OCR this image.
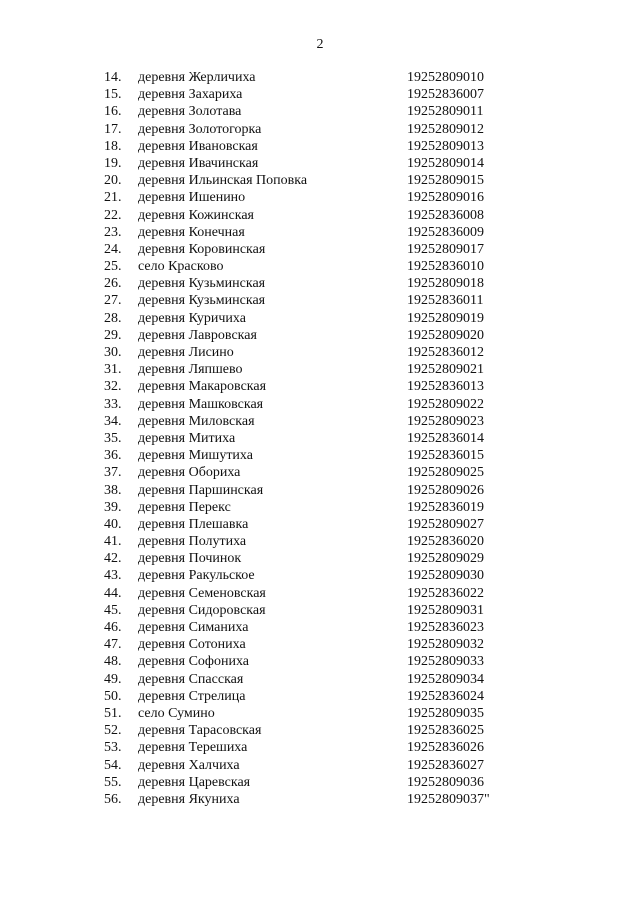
2
14.	деревня Жерличиха	19252809010
15.	деревня Захариха	19252836007
16.	деревня Золотава	19252809011
17.	деревня Золотогорка	19252809012
18.	деревня Ивановская	19252809013
19.	деревня Ивачинская	19252809014
20.	деревня Ильинская Поповка	19252809015
21.	деревня Ишенино	19252809016
22.	деревня Кожинская	19252836008
23.	деревня Конечная	19252836009
24.	деревня Коровинская	19252809017
25.	село Красково	19252836010
26.	деревня Кузьминская	19252809018
27.	деревня Кузьминская	19252836011
28.	деревня Куричиха	19252809019
29.	деревня Лавровская	19252809020
30.	деревня Лисино	19252836012
31.	деревня Ляпшево	19252809021
32.	деревня Макаровская	19252836013
33.	деревня Машковская	19252809022
34.	деревня Миловская	19252809023
35.	деревня Митиха	19252836014
36.	деревня Мишутиха	19252836015
37.	деревня Обориха	19252809025
38.	деревня Паршинская	19252809026
39.	деревня Перекс	19252836019
40.	деревня Плешавка	19252809027
41.	деревня Полутиха	19252836020
42.	деревня Починок	19252809029
43.	деревня Ракульское	19252809030
44.	деревня Семеновская	19252836022
45.	деревня Сидоровская	19252809031
46.	деревня Симаниха	19252836023
47.	деревня Сотониха	19252809032
48.	деревня Софониха	19252809033
49.	деревня Спасская	19252809034
50.	деревня Стрелица	19252836024
51.	село Сумино	19252809035
52.	деревня Тарасовская	19252836025
53.	деревня Терешиха	19252836026
54.	деревня Халчиха	19252836027
55.	деревня Царевская	19252809036
56.	деревня Якуниха	19252809037"
